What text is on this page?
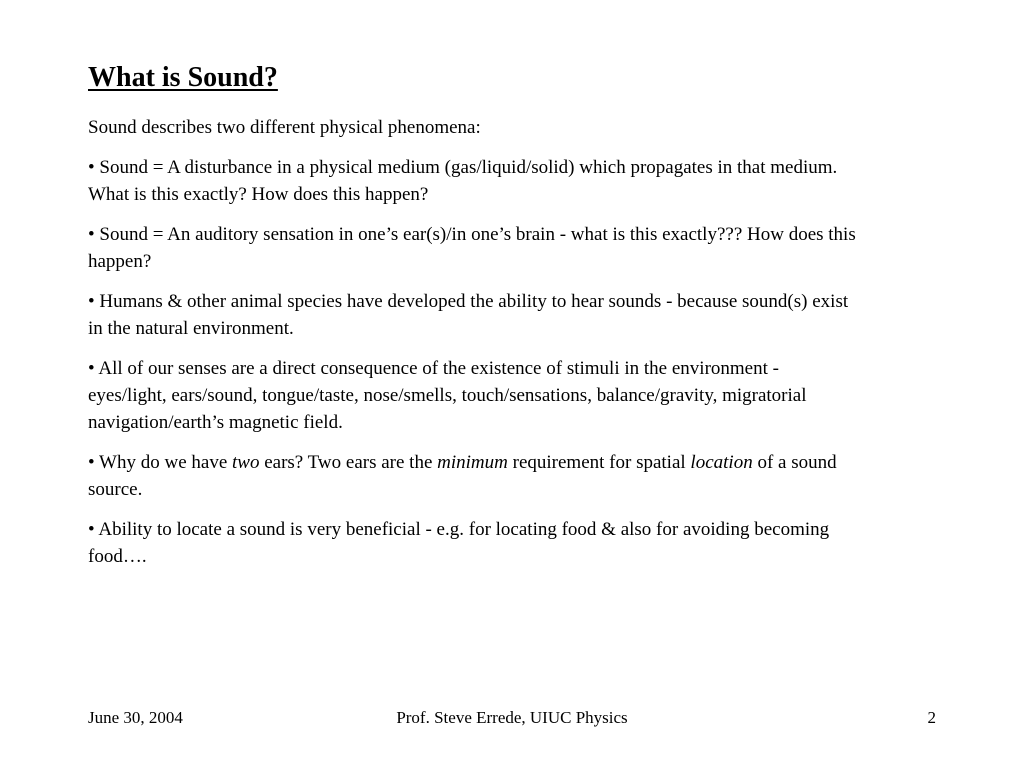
What is Sound?

Sound describes two different physical phenomena:

• Sound = A disturbance in a physical medium (gas/liquid/solid) which propagates in that medium. What is this exactly? How does this happen?

• Sound = An auditory sensation in one’s ear(s)/in one’s brain - what is this exactly??? How does this happen?

• Humans & other animal species have developed the ability to hear sounds - because sound(s) exist in the natural environment.

• All of our senses are a direct consequence of the existence of stimuli in the environment - eyes/light, ears/sound, tongue/taste, nose/smells, touch/sensations, balance/gravity, migratorial navigation/earth’s magnetic field.

• Why do we have two ears? Two ears are the minimum requirement for spatial location of a sound source.

• Ability to locate a sound is very beneficial - e.g. for locating food & also for avoiding becoming food….

June 30, 2004	Prof. Steve Errede, UIUC Physics	2
